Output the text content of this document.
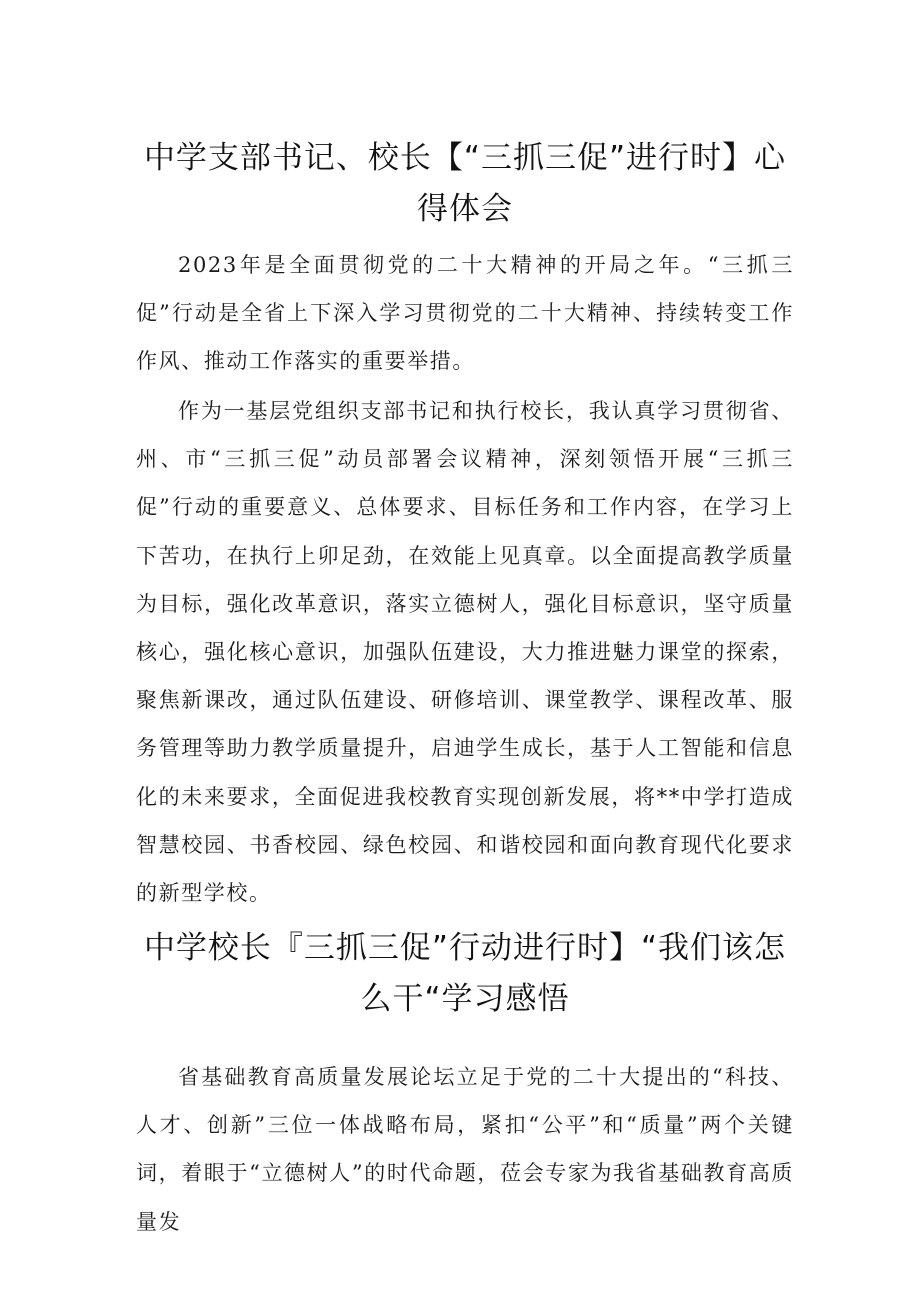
中学支部书记、校长【“三抓三促”进行时】心得体会

2023年是全面贯彻党的二十大精神的开局之年。“三抓三促”行动是全省上下深入学习贯彻党的二十大精神、持续转变工作作风、推动工作落实的重要举措。

作为一基层党组织支部书记和执行校长，我认真学习贯彻省、州、市“三抓三促”动员部署会议精神，深刻领悟开展“三抓三促”行动的重要意义、总体要求、目标任务和工作内容，在学习上下苦功，在执行上卯足劲，在效能上见真章。以全面提高教学质量为目标，强化改革意识，落实立德树人，强化目标意识，坚守质量核心，强化核心意识，加强队伍建设，大力推进魅力课堂的探索，聚焦新课改，通过队伍建设、研修培训、课堂教学、课程改革、服务管理等助力教学质量提升，启迪学生成长，基于人工智能和信息化的未来要求，全面促进我校教育实现创新发展，将**中学打造成智慧校园、书香校园、绿色校园、和谐校园和面向教育现代化要求的新型学校。

中学校长『三抓三促”行动进行时】“我们该怎么干“学习感悟

省基础教育高质量发展论坛立足于党的二十大提出的“科技、人才、创新”三位一体战略布局，紧扣“公平”和“质量”两个关键词，着眼于“立德树人”的时代命题，莅会专家为我省基础教育高质量发
